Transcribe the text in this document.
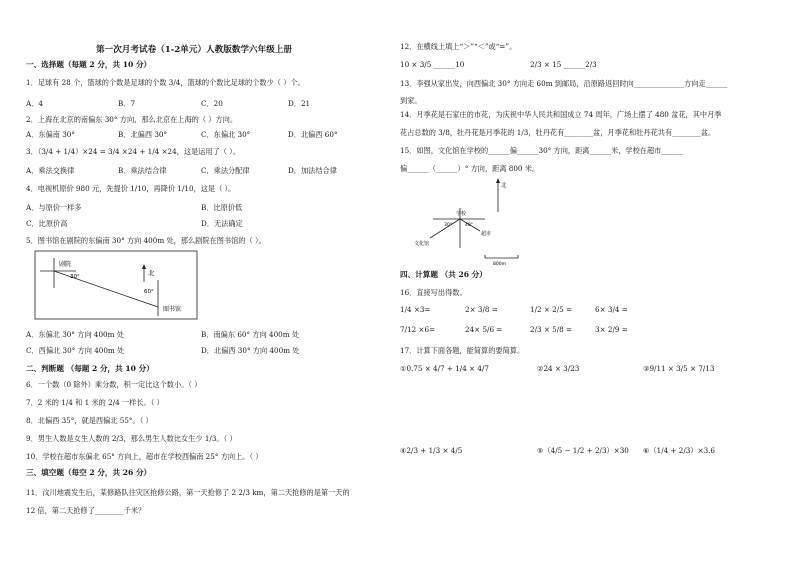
第一次月考试卷（1-2单元）人教版数学六年级上册
一、选择题（每题 2 分，共 10 分）
1．足球有 28 个，篮球的个数是足球的个数 3/4，篮球的个数比足球的个数少（ ）个。
A．4	B．7	C．20	D．21
2．上海在北京的南偏东 30° 方向，那么北京在上海的（ ）方向。
A．东偏南 30°	B．北偏西 30°	C．东偏北 30°	D．北偏西 60°
3．（3/4 + 1/4）×24 = 3/4 ×24 + 1/4 ×24，这是运用了（ ）。
A．乘法交换律	B．乘法结合律	C．乘法分配律	D．加法结合律
4．电视机原价 980 元，先提价 1/10，再降价 1/10，这是（ ）。
A．与原价一样多	B．比原价低
C．比原价高	D．无法确定
5．图书馆在剧院的东偏南 30° 方向 400m 处，那么剧院在图书馆的（ ）。
剧院
30°	北
60°
图书馆
A．东偏北 30° 方向 400m 处	B．南偏东 60° 方向 400m 处
C．西偏北 30° 方向 400m 处	D．北偏西 30° 方向 400m 处
二、判断题 （每题 2 分，共 10 分）
6．一个数（0 除外）乘分数，积一定比这个数小。（ ）
7．2 米的 1/4 和 1 米的 2/4 一样长。（ ）
8．北偏西 35°，就是西偏北 55°。（ ）
9．男生人数是女生人数的 2/3，那么男生人数比女生少 1/3。（ ）
10．学校在超市东偏北 65° 方向上，超市在学校西偏南 25° 方向上。（ ）
三、填空题（每空 2 分，共 26 分）
11．汶川地震发生后，某修路队往灾区抢修公路，第一天抢修了 2 2/3 km，第二天抢修的是第一天的
12 倍，第二天抢修了________千米？
12．在横线上填上“＞”“＜”或“=”。
10 × 3/5 ______10	2/3 × 15 ______2/3
13．李强从家出发，向西偏北 30° 方向走 60m 到邮局，沿原路返回时向______________方向走______
到家。
14．月季花是石家庄的市花，为庆祝中华人民共和国成立 74 周年，广场上摆了 480 盆花，其中月季
花占总数的 3/8，牡丹花是月季花的 1/3，牡丹花有________盆，月季花和牡丹花共有________盆。
15．如图，文化馆在学校的______偏______30° 方向，距离______米，学校在超市______
偏______（______）° 方向，距离 800 米。
北
学校
30°	40°
文化馆
超市
800m
四、计算题 （共 26 分）
16．直接写出得数。
1/4 ×3=	2× 3/8 =	1/2 × 2/5 =	6× 3/4 =
7/12 ×6=	24× 5/6 =	2/3 × 5/8 =	3× 2/9 =
17．计算下面各题，能简算的要简算。
①0.75 × 4/7 + 1/4 × 4/7	②24 × 3/23	③9/11 × 3/5 × 7/13
④2/3 + 1/3 × 4/5	⑤（4/5 − 1/2 + 2/3）×30 ⑥（1/4 + 2/3）×3.6
